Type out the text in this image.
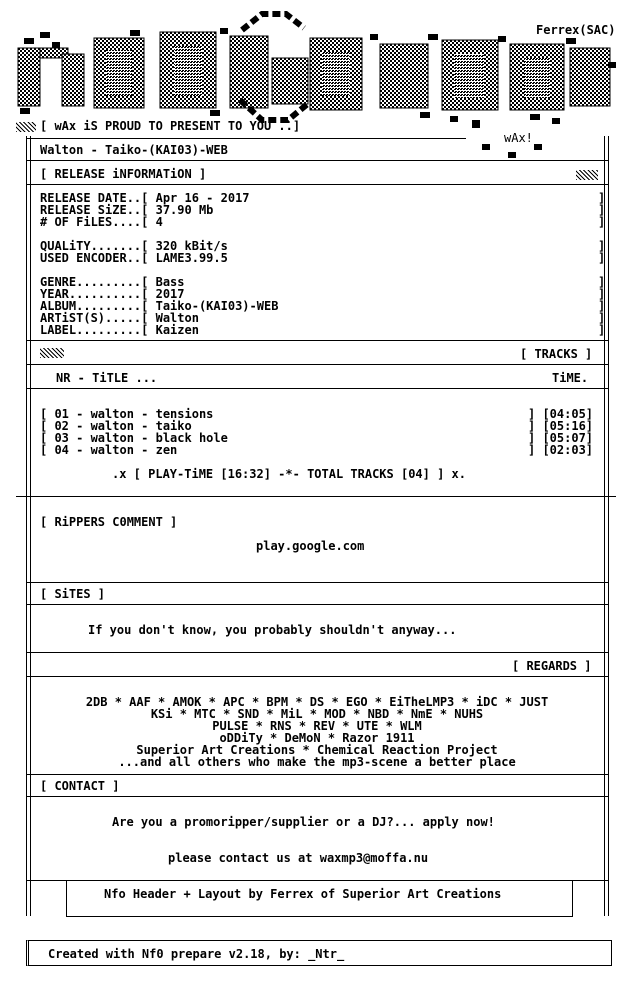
Ferrex(SAC)
wAx!
[ wAx iS PROUD TO PRESENT TO YOU ..]
Walton - Taiko-(KAI03)-WEB
[ RELEASE iNFORMATiON ]
RELEASE DATE..[ Apr 16 - 2017
RELEASE SiZE..[ 37.90 Mb
# OF FiLES....[ 4
QUALiTY.......[ 320 kBit/s
USED ENCODER..[ LAME3.99.5
GENRE.........[ Bass
YEAR..........[ 2017
ALBUM.........[ Taiko-(KAI03)-WEB
ARTiST(S).....[ Walton
LABEL.........[ Kaizen
]
]
]

]
]

]
]
]
]
]
[ TRACKS ]
NR - TiTLE ...	TiME.
[ 01 - walton - tensions	] [04:05]
[ 02 - walton - taiko	] [05:16]
[ 03 - walton - black hole	] [05:07]
[ 04 - walton - zen	] [02:03]
.x [ PLAY-TiME [16:32] -*- TOTAL TRACKS [04] ] x.
[ RiPPERS C0MMENT ]
play.google.com
[ SiTES ]
If you don't know, you probably shouldn't anyway...
[ REGARDS ]
2DB * AAF * AMOK * APC * BPM * DS * EGO * EiTheLMP3 * iDC * JUST
KSi * MTC * SND * MiL * MOD * NBD * NmE * NUHS
PULSE * RNS * REV * UTE * WLM
oDDiTy * DeMoN * Razor 1911
Superior Art Creations * Chemical Reaction Project
...and all others who make the mp3-scene a better place
[ CONTACT ]
Are you a promoripper/supplier or a DJ?... apply now!
please contact us at waxmp3@moffa.nu
Nfo Header + Layout by Ferrex of Superior Art Creations
Created with Nf0 prepare v2.18, by: _Ntr_
